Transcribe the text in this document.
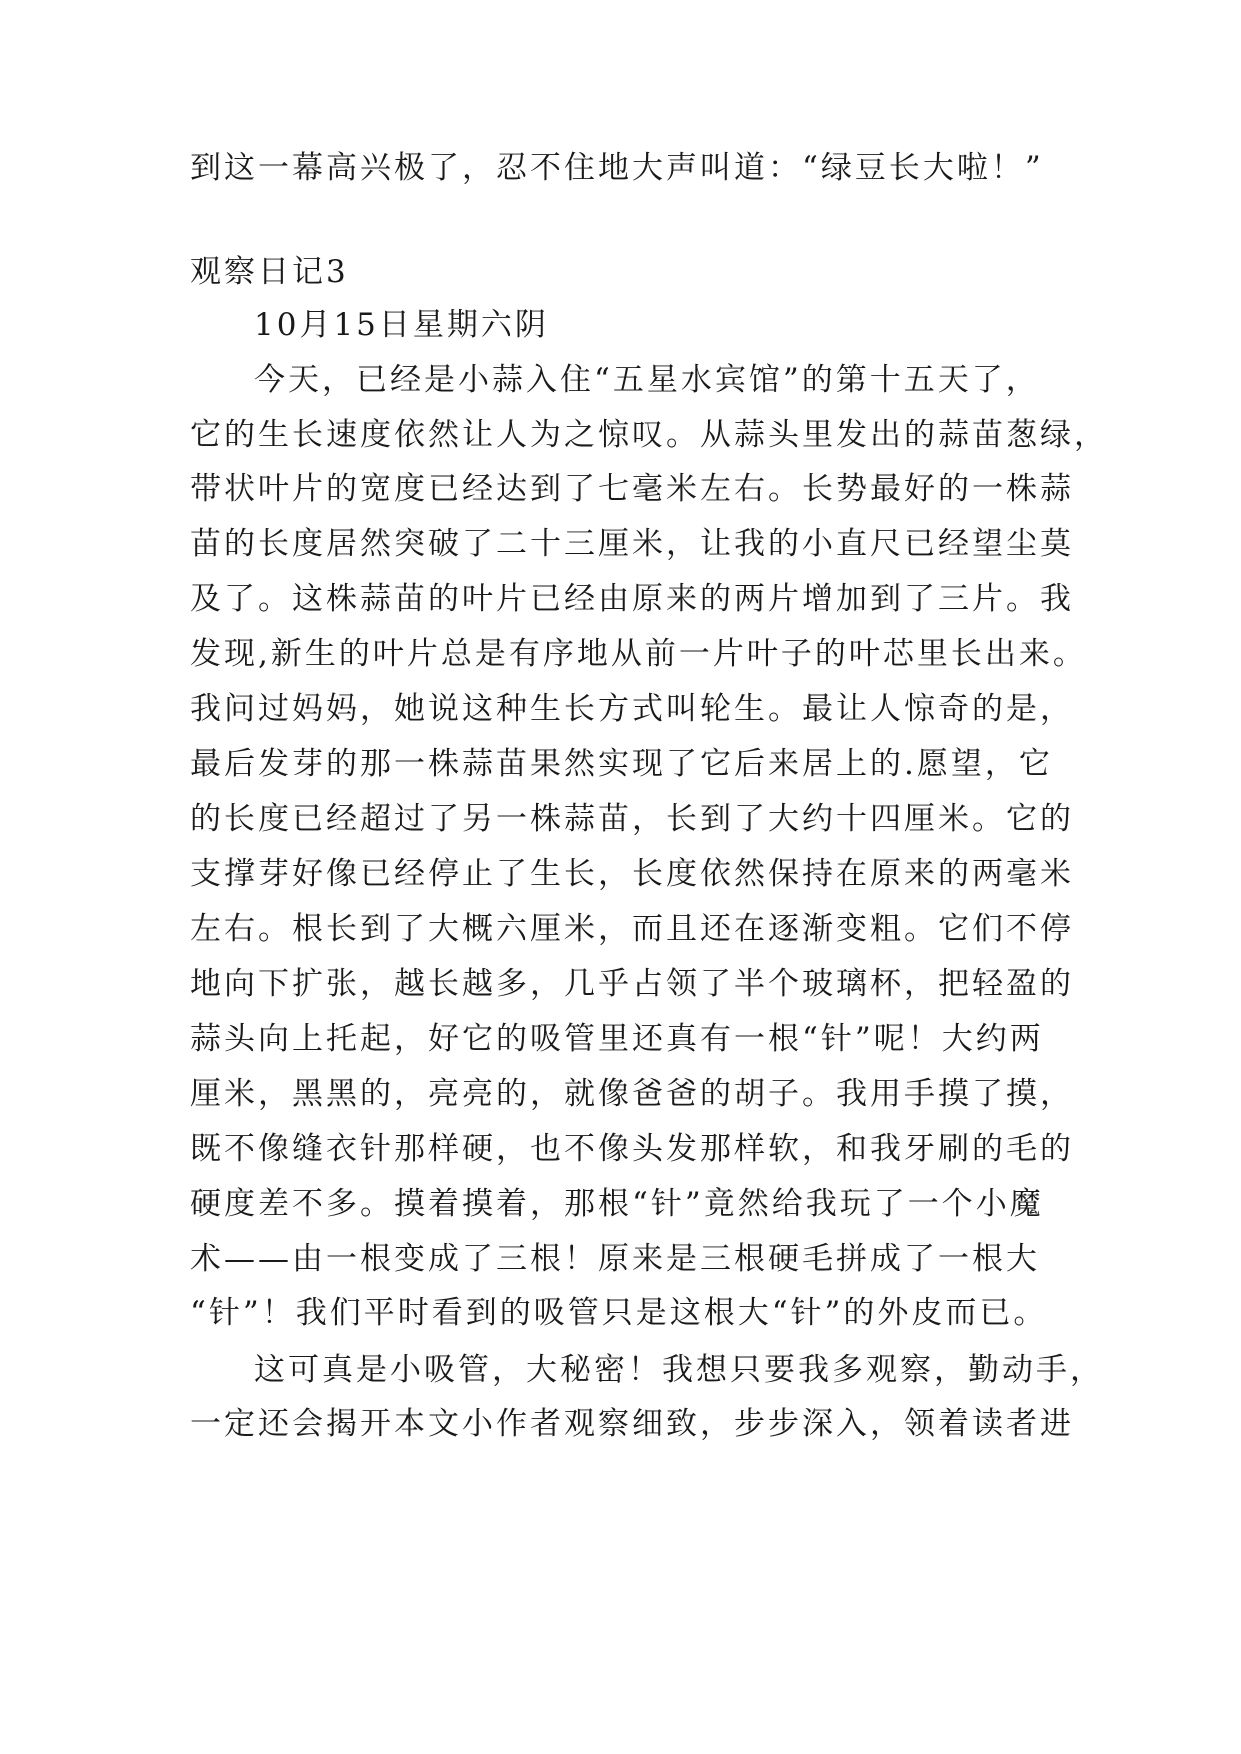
到这一幕高兴极了，忍不住地大声叫道：“绿豆长大啦！”
观察日记3
10月15日星期六阴
今天，已经是小蒜入住“五星水宾馆”的第十五天了，
它的生长速度依然让人为之惊叹。从蒜头里发出的蒜苗葱绿，
带状叶片的宽度已经达到了七毫米左右。长势最好的一株蒜
苗的长度居然突破了二十三厘米，让我的小直尺已经望尘莫
及了。这株蒜苗的叶片已经由原来的两片增加到了三片。我
发现,新生的叶片总是有序地从前一片叶子的叶芯里长出来。
我问过妈妈，她说这种生长方式叫轮生。最让人惊奇的是，
最后发芽的那一株蒜苗果然实现了它后来居上的.愿望，它
的长度已经超过了另一株蒜苗，长到了大约十四厘米。它的
支撑芽好像已经停止了生长，长度依然保持在原来的两毫米
左右。根长到了大概六厘米，而且还在逐渐变粗。它们不停
地向下扩张，越长越多，几乎占领了半个玻璃杯，把轻盈的
蒜头向上托起，好它的吸管里还真有一根“针”呢！大约两
厘米，黑黑的，亮亮的，就像爸爸的胡子。我用手摸了摸，
既不像缝衣针那样硬，也不像头发那样软，和我牙刷的毛的
硬度差不多。摸着摸着，那根“针”竟然给我玩了一个小魔
术——由一根变成了三根！原来是三根硬毛拼成了一根大
“针”！我们平时看到的吸管只是这根大“针”的外皮而已。
这可真是小吸管，大秘密！我想只要我多观察，勤动手，
一定还会揭开本文小作者观察细致，步步深入，领着读者进
